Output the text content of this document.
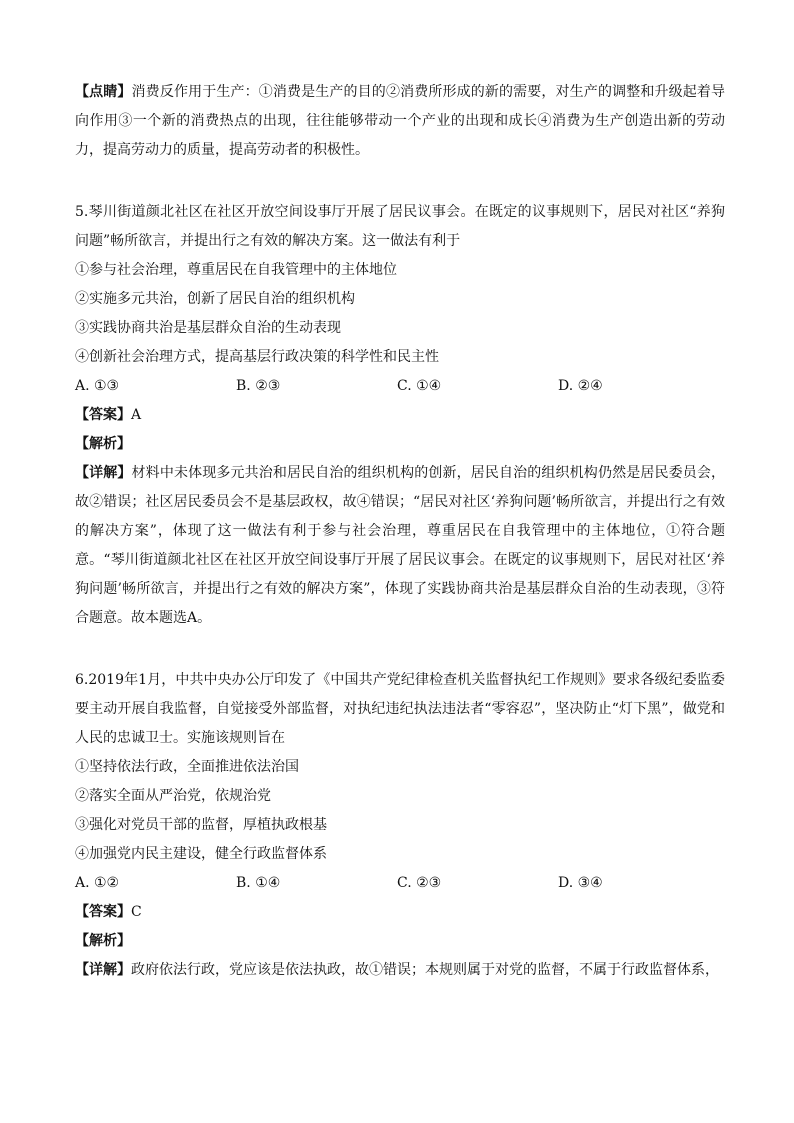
【点睛】消费反作用于生产：①消费是生产的目的②消费所形成的新的需要，对生产的调整和升级起着导向作用③一个新的消费热点的出现，往往能够带动一个产业的出现和成长④消费为生产创造出新的劳动力，提高劳动力的质量，提高劳动者的积极性。

5.琴川街道颜北社区在社区开放空间设事厅开展了居民议事会。在既定的议事规则下，居民对社区“养狗问题”畅所欲言，并提出行之有效的解决方案。这一做法有利于

①参与社会治理，尊重居民在自我管理中的主体地位

②实施多元共治，创新了居民自治的组织机构

③实践协商共治是基层群众自治的生动表现

④创新社会治理方式，提高基层行政决策的科学性和民主性

A. ①③	B. ②③	C. ①④	D. ②④

【答案】A

【解析】

【详解】材料中未体现多元共治和居民自治的组织机构的创新，居民自治的组织机构仍然是居民委员会，故②错误；社区居民委员会不是基层政权，故④错误；“居民对社区‘养狗问题’畅所欲言，并提出行之有效的解决方案”，体现了这一做法有利于参与社会治理，尊重居民在自我管理中的主体地位，①符合题意。“琴川街道颜北社区在社区开放空间设事厅开展了居民议事会。在既定的议事规则下，居民对社区‘养狗问题’畅所欲言，并提出行之有效的解决方案”，体现了实践协商共治是基层群众自治的生动表现，③符合题意。故本题选A。

6.2019年1月，中共中央办公厅印发了《中国共产党纪律检查机关监督执纪工作规则》要求各级纪委监委要主动开展自我监督，自觉接受外部监督，对执纪违纪执法违法者“零容忍”，坚决防止“灯下黑”，做党和人民的忠诚卫士。实施该规则旨在

①坚持依法行政，全面推进依法治国

②落实全面从严治党，依规治党

③强化对党员干部的监督，厚植执政根基

④加强党内民主建设，健全行政监督体系

A. ①②	B. ①④	C. ②③	D. ③④

【答案】C

【解析】

【详解】政府依法行政，党应该是依法执政，故①错误；本规则属于对党的监督，不属于行政监督体系，
